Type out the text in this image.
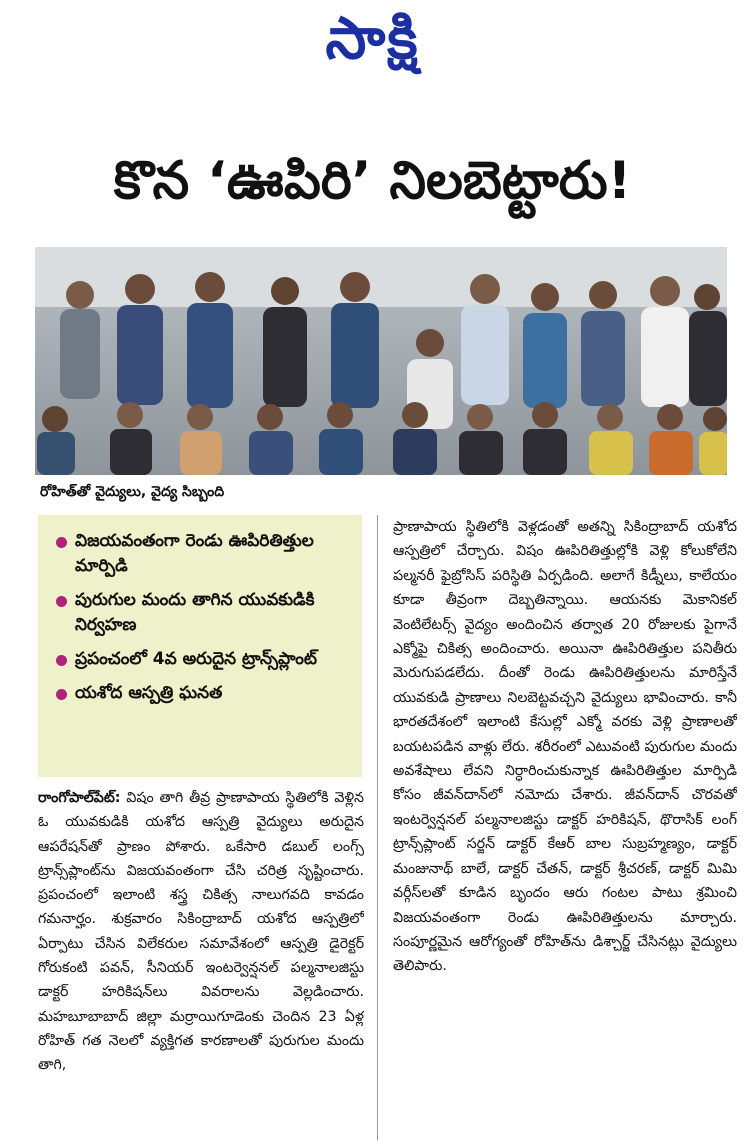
సాక్షి
కొన ‘ఊపిరి’ నిలబెట్టారు!
రోహిత్‌తో వైద్యులు, వైద్య సిబ్బంది
విజయవంతంగా రెండు ఊపిరితిత్తుల మార్పిడి
పురుగుల మందు తాగిన యువకుడికి నిర్వహణ
ప్రపంచంలో 4వ అరుదైన ట్రాన్స్‌ప్లాంట్‌
యశోద ఆస్పత్రి ఘనత
రాంగోపాల్‌పేట్‌: విషం తాగి తీవ్ర ప్రాణాపాయ స్థితిలోకి వెళ్లిన ఓ యువకుడికి యశోద ఆస్పత్రి వైద్యులు అరుదైన ఆపరేషన్‌తో ప్రాణం పోశారు. ఒకేసారి డబుల్‌ లంగ్స్‌ ట్రాన్స్‌ప్లాంట్‌ను విజయవంతంగా చేసి చరిత్ర సృష్టించారు. ప్రపంచంలో ఇలాంటి శస్త్ర చికిత్స నాలుగవది కావడం గమనార్హం. శుక్రవారం సికింద్రాబాద్‌ యశోద ఆస్పత్రిలో ఏర్పాటు చేసిన విలేకరుల సమావేశంలో ఆస్పత్రి డైరెక్టర్‌ గోరుకంటి పవన్‌, సీనియర్‌ ఇంటర్వెన్షనల్‌ పల్మనాలజిస్టు డాక్టర్‌ హరికిషన్‌లు వివరాలను వెల్లడించారు. మహబూబాబాద్‌ జిల్లా మర్రాయిగూడెంకు చెందిన 23 ఏళ్ల రోహిత్‌ గత నెలలో వ్యక్తిగత కారణాలతో పురుగుల మందు తాగి,
ప్రాణాపాయ స్థితిలోకి వెళ్లడంతో అతన్ని సికింద్రాబాద్‌ యశోద ఆస్పత్రిలో చేర్చారు. విషం ఊపిరితిత్తుల్లోకి వెళ్లి కోలుకోలేని పల్మనరీ ఫైబ్రోసిస్‌ పరిస్థితి ఏర్పడింది. అలాగే కిడ్నీలు, కాలేయం కూడా తీవ్రంగా దెబ్బతిన్నాయి. ఆయనకు మెకానికల్‌ వెంటిలేటర్స్‌ వైద్యం అందించిన తర్వాత 20 రోజులకు పైగానే ఎక్మోపై చికిత్స అందించారు. అయినా ఊపిరితిత్తుల పనితీరు మెరుగుపడలేదు. దీంతో రెండు ఊపిరితిత్తులను మారిస్తేనే యువకుడి ప్రాణాలు నిలబెట్టవచ్చని వైద్యులు భావించారు. కానీ భారతదేశంలో ఇలాంటి కేసుల్లో ఎక్మో వరకు వెళ్లి ప్రాణాలతో బయటపడిన వాళ్లు లేరు. శరీరంలో ఎటువంటి పురుగుల మందు అవశేషాలు లేవని నిర్ధారించుకున్నాక ఊపిరితిత్తుల మార్పిడి కోసం జీవన్‌దాన్‌లో నమోదు చేశారు. జీవన్‌దాన్‌ చొరవతో ఇంటర్వెన్షనల్‌ పల్మనాలజిస్టు డాక్టర్‌ హరికిషన్‌, థొరాసిక్‌ లంగ్‌ ట్రాన్స్‌ప్లాంట్‌ సర్జన్‌ డాక్టర్‌ కేఆర్‌ బాల సుబ్రహ్మణ్యం, డాక్టర్‌ మంజునాథ్‌ బాలే, డాక్టర్‌ చేతన్‌, డాక్టర్‌ శ్రీచరణ్‌, డాక్టర్‌ మిమి వర్గీస్‌లతో కూడిన బృందం ఆరు గంటల పాటు శ్రమించి విజయవంతంగా రెండు ఊపిరితిత్తులను మార్చారు. సంపూర్ణమైన ఆరోగ్యంతో రోహిత్‌ను డిశ్చార్జ్‌ చేసినట్లు వైద్యులు తెలిపారు.
